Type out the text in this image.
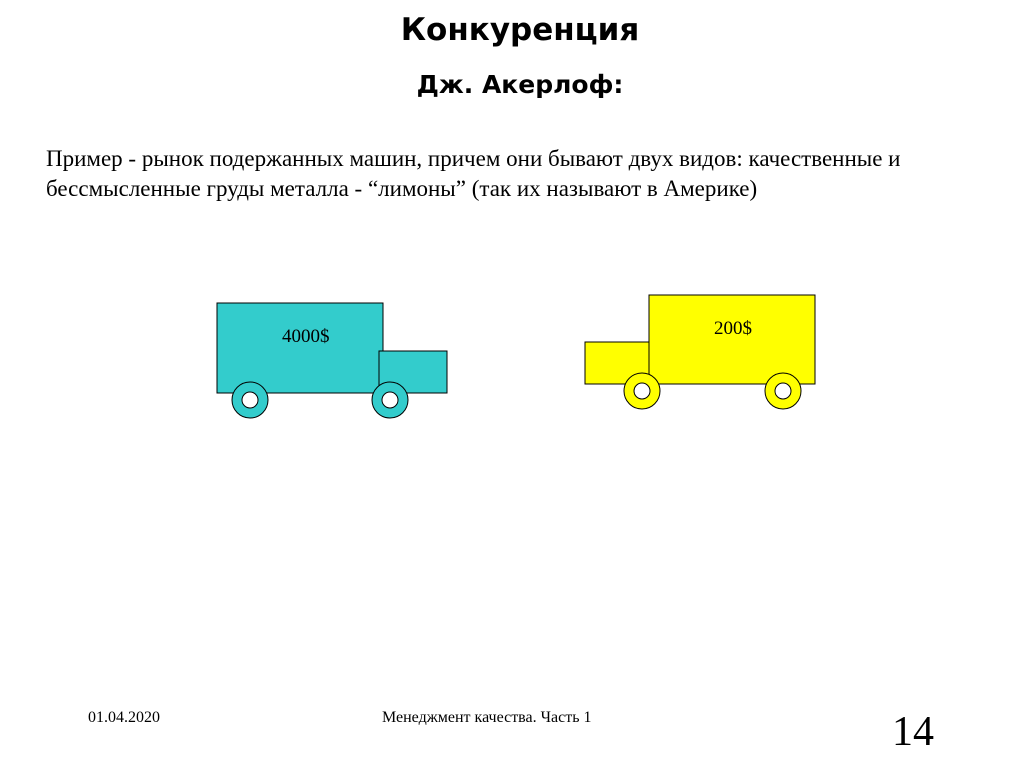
Конкуренция
Дж. Акерлоф:
Пример - рынок подержанных машин, причем они бывают двух видов: качественные и
бессмысленные груды металла - “лимоны” (так их называют в Америке)
4000$	200$
01.04.2020	Менеджмент качества. Часть 1	14
